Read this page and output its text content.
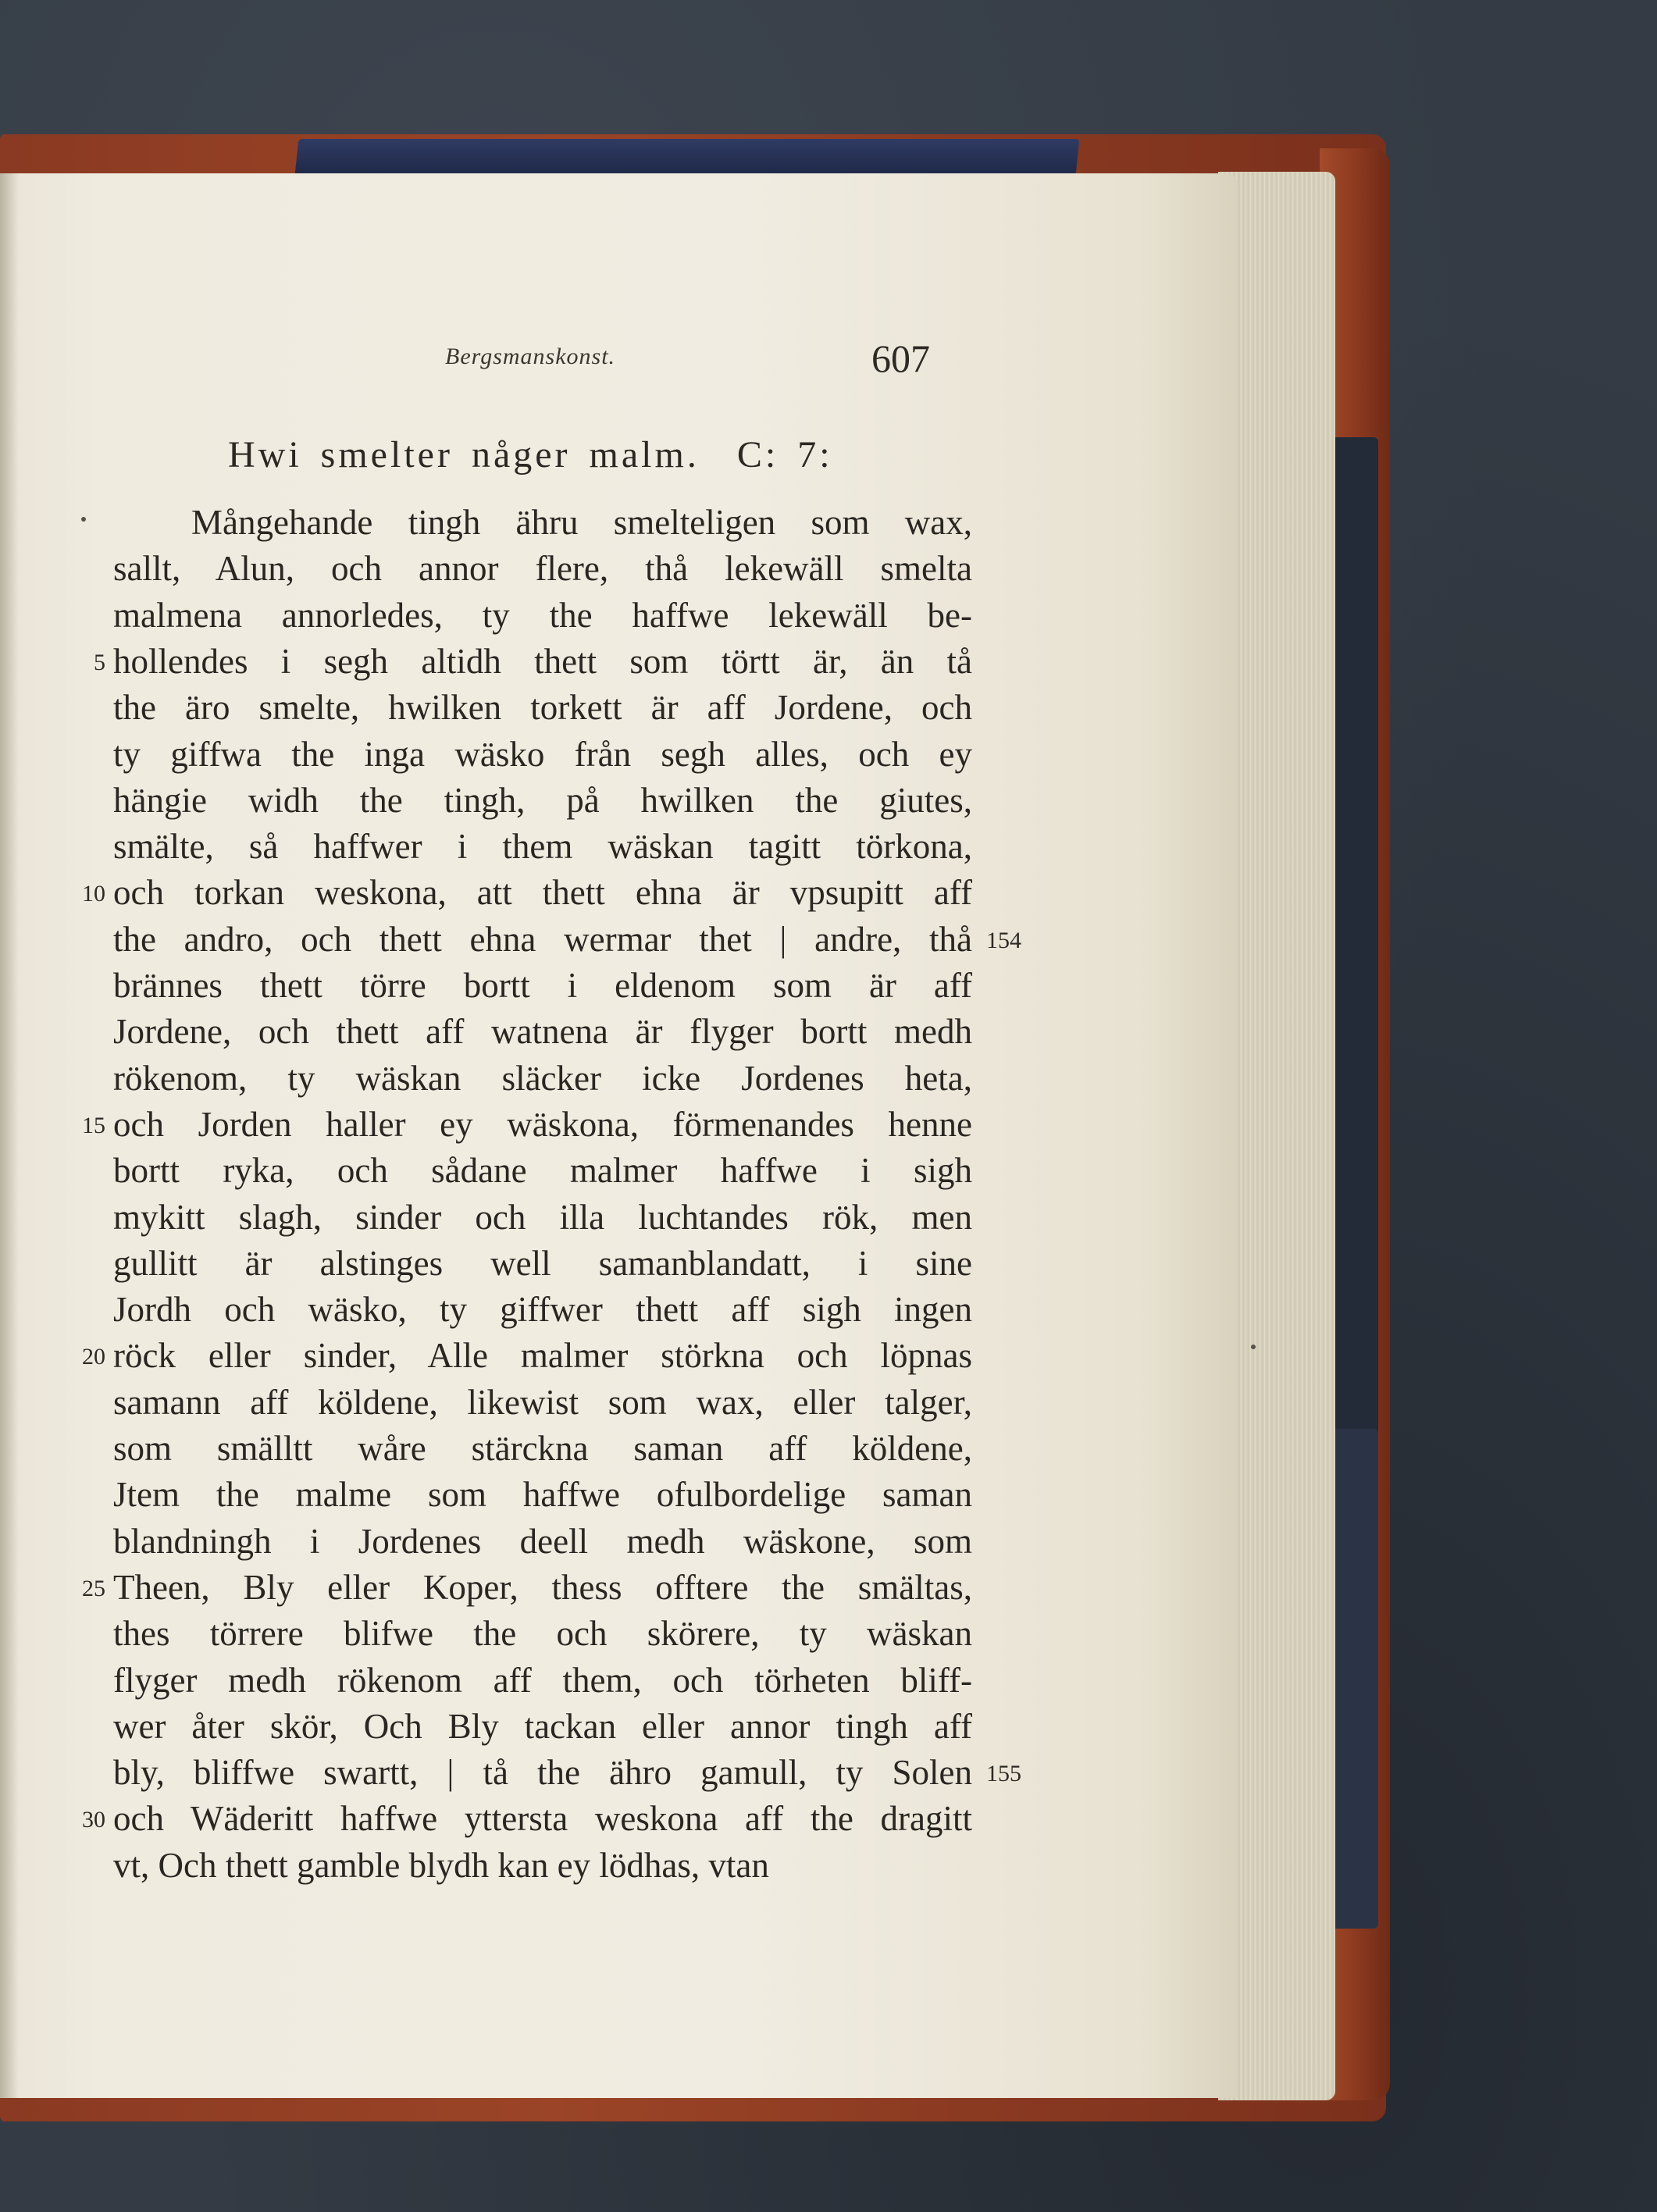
Bergsmanskonst.	607
Hwi smelter någer malm.  C: 7:
Mångehande tingh ähru smelteligen som wax,
sallt, Alun, och annor flere, thå lekewäll smelta
malmena annorledes, ty the haffwe lekewäll be-
hollendes i segh altidh thett som törtt är, än tå
5
the äro smelte, hwilken torkett är aff Jordene, och
ty giffwa the inga wäsko från segh alles, och ey
hängie widh the tingh, på hwilken the giutes,
smälte, så haffwer i them wäskan tagitt törkona,
och torkan weskona, att thett ehna är vpsupitt aff
10
the andro, och thett ehna wermar thet | andre, thå
brännes thett törre bortt i eldenom som är aff
Jordene, och thett aff watnena är flyger bortt medh
rökenom, ty wäskan släcker icke Jordenes heta,
och Jorden haller ey wäskona, förmenandes henne
15
bortt ryka, och sådane malmer haffwe i sigh
mykitt slagh, sinder och illa luchtandes rök, men
gullitt är alstinges well samanblandatt, i sine
Jordh och wäsko, ty giffwer thett aff sigh ingen
röck eller sinder, Alle malmer störkna och löpnas
20
samann aff köldene, likewist som wax, eller talger,
som smälltt wåre stärckna saman aff köldene,
Jtem the malme som haffwe ofulbordelige saman
blandningh i Jordenes deell medh wäskone, som
Theen, Bly eller Koper, thess offtere the smältas,
25
thes törrere blifwe the och skörere, ty wäskan
flyger medh rökenom aff them, och törheten bliff-
wer åter skör, Och Bly tackan eller annor tingh aff
bly, bliffwe swartt, | tå the ähro gamull, ty Solen
och Wäderitt haffwe yttersta weskona aff the dragitt
30
vt, Och thett gamble blydh kan ey lödhas, vtan
154
155
